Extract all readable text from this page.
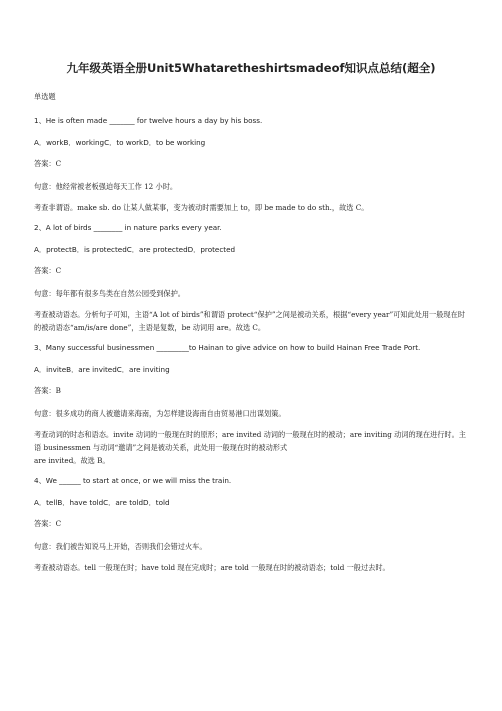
九年级英语全册Unit5Whataretheshirtsmadeof知识点总结(超全)
单选题
1、He is often made _______ for twelve hours a day by his boss.
A．workB．workingC．to workD．to be working
答案：C
句意：他经常被老板强迫每天工作 12 小时。
考查非谓语。make sb. do 让某人做某事，变为被动时需要加上 to，即 be made to do sth.，故选 C。
2、A lot of birds ________ in nature parks every year.
A．protectB．is protectedC．are protectedD．protected
答案：C
句意：每年都有很多鸟类在自然公园受到保护。
考查被动语态。分析句子可知，主语“A lot of birds”和谓语 protect“保护”之间是被动关系，根据“every year”可知此处用一般现在时的被动语态“am/is/are done”，主语是复数，be 动词用 are。故选 C。
3、Many successful businessmen _________to Hainan to give advice on how to build Hainan Free Trade Port.
A．inviteB．are invitedC．are inviting
答案：B
句意：很多成功的商人被邀请来海南，为怎样建设海南自由贸易港口出谋划策。
考查动词的时态和语态。invite 动词的一般现在时的原形；are invited 动词的一般现在时的被动；are inviting 动词的现在进行时。主语 businessmen 与动词“邀请”之间是被动关系，此处用一般现在时的被动形式
are invited。故选 B。
4、We ______ to start at once, or we will miss the train.
A．tellB．have toldC．are toldD．told
答案：C
句意：我们被告知说马上开始，否则我们会错过火车。
考查被动语态。tell 一般现在时；have told 现在完成时；are told 一般现在时的被动语态；told 一般过去时。
